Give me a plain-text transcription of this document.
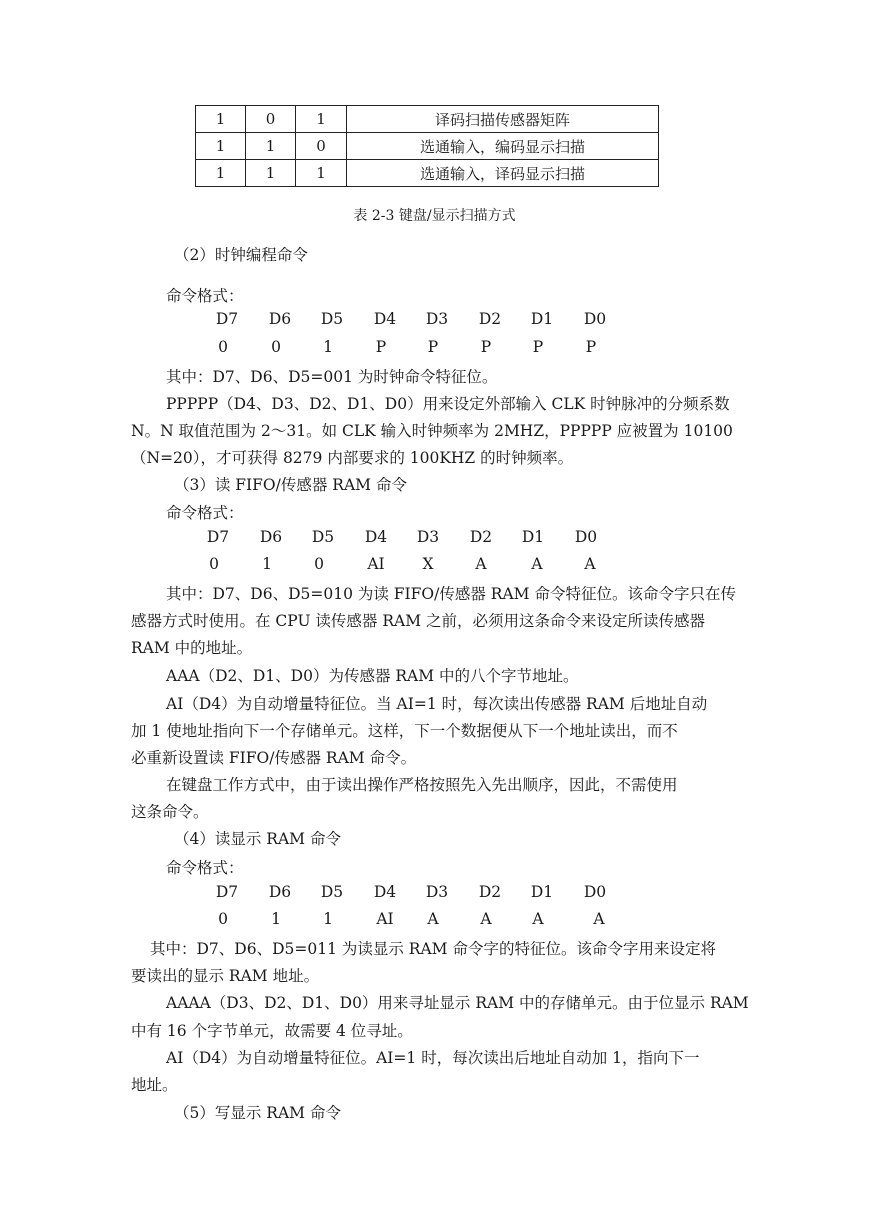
1	0	1	译码扫描传感器矩阵
1	1	0	选通输入，编码显示扫描
1	1	1	选通输入，译码显示扫描
表 2-3 键盘/显示扫描方式
（2）时钟编程命令
命令格式：
D7	D6	D5	D4	D3	D2	D1	D0
0	0	1	P	P	P	P	P
其中：D7、D6、D5=001 为时钟命令特征位。
PPPPP（D4、D3、D2、D1、D0）用来设定外部输入 CLK 时钟脉冲的分频系数
N。N 取值范围为 2～31。如 CLK 输入时钟频率为 2MHZ，PPPPP 应被置为 10100
（N=20），才可获得 8279 内部要求的 100KHZ 的时钟频率。
（3）读 FIFO/传感器 RAM 命令
命令格式：
D7	D6	D5	D4	D3	D2	D1	D0
0	1	0	AI	X	A	A	A
其中：D7、D6、D5=010 为读 FIFO/传感器 RAM 命令特征位。该命令字只在传
感器方式时使用。在 CPU 读传感器 RAM 之前，必须用这条命令来设定所读传感器
RAM 中的地址。
AAA（D2、D1、D0）为传感器 RAM 中的八个字节地址。
AI（D4）为自动增量特征位。当 AI=1 时，每次读出传感器 RAM 后地址自动
加 1 使地址指向下一个存储单元。这样，下一个数据便从下一个地址读出，而不
必重新设置读 FIFO/传感器 RAM 命令。
在键盘工作方式中，由于读出操作严格按照先入先出顺序，因此，不需使用
这条命令。
（4）读显示 RAM 命令
命令格式：
D7	D6	D5	D4	D3	D2	D1	D0
0	1	1	AI	A	A	A	A
其中：D7、D6、D5=011 为读显示 RAM 命令字的特征位。该命令字用来设定将
要读出的显示 RAM 地址。
AAAA（D3、D2、D1、D0）用来寻址显示 RAM 中的存储单元。由于位显示 RAM
中有 16 个字节单元，故需要 4 位寻址。
AI（D4）为自动增量特征位。AI=1 时，每次读出后地址自动加 1，指向下一
地址。
（5）写显示 RAM 命令
